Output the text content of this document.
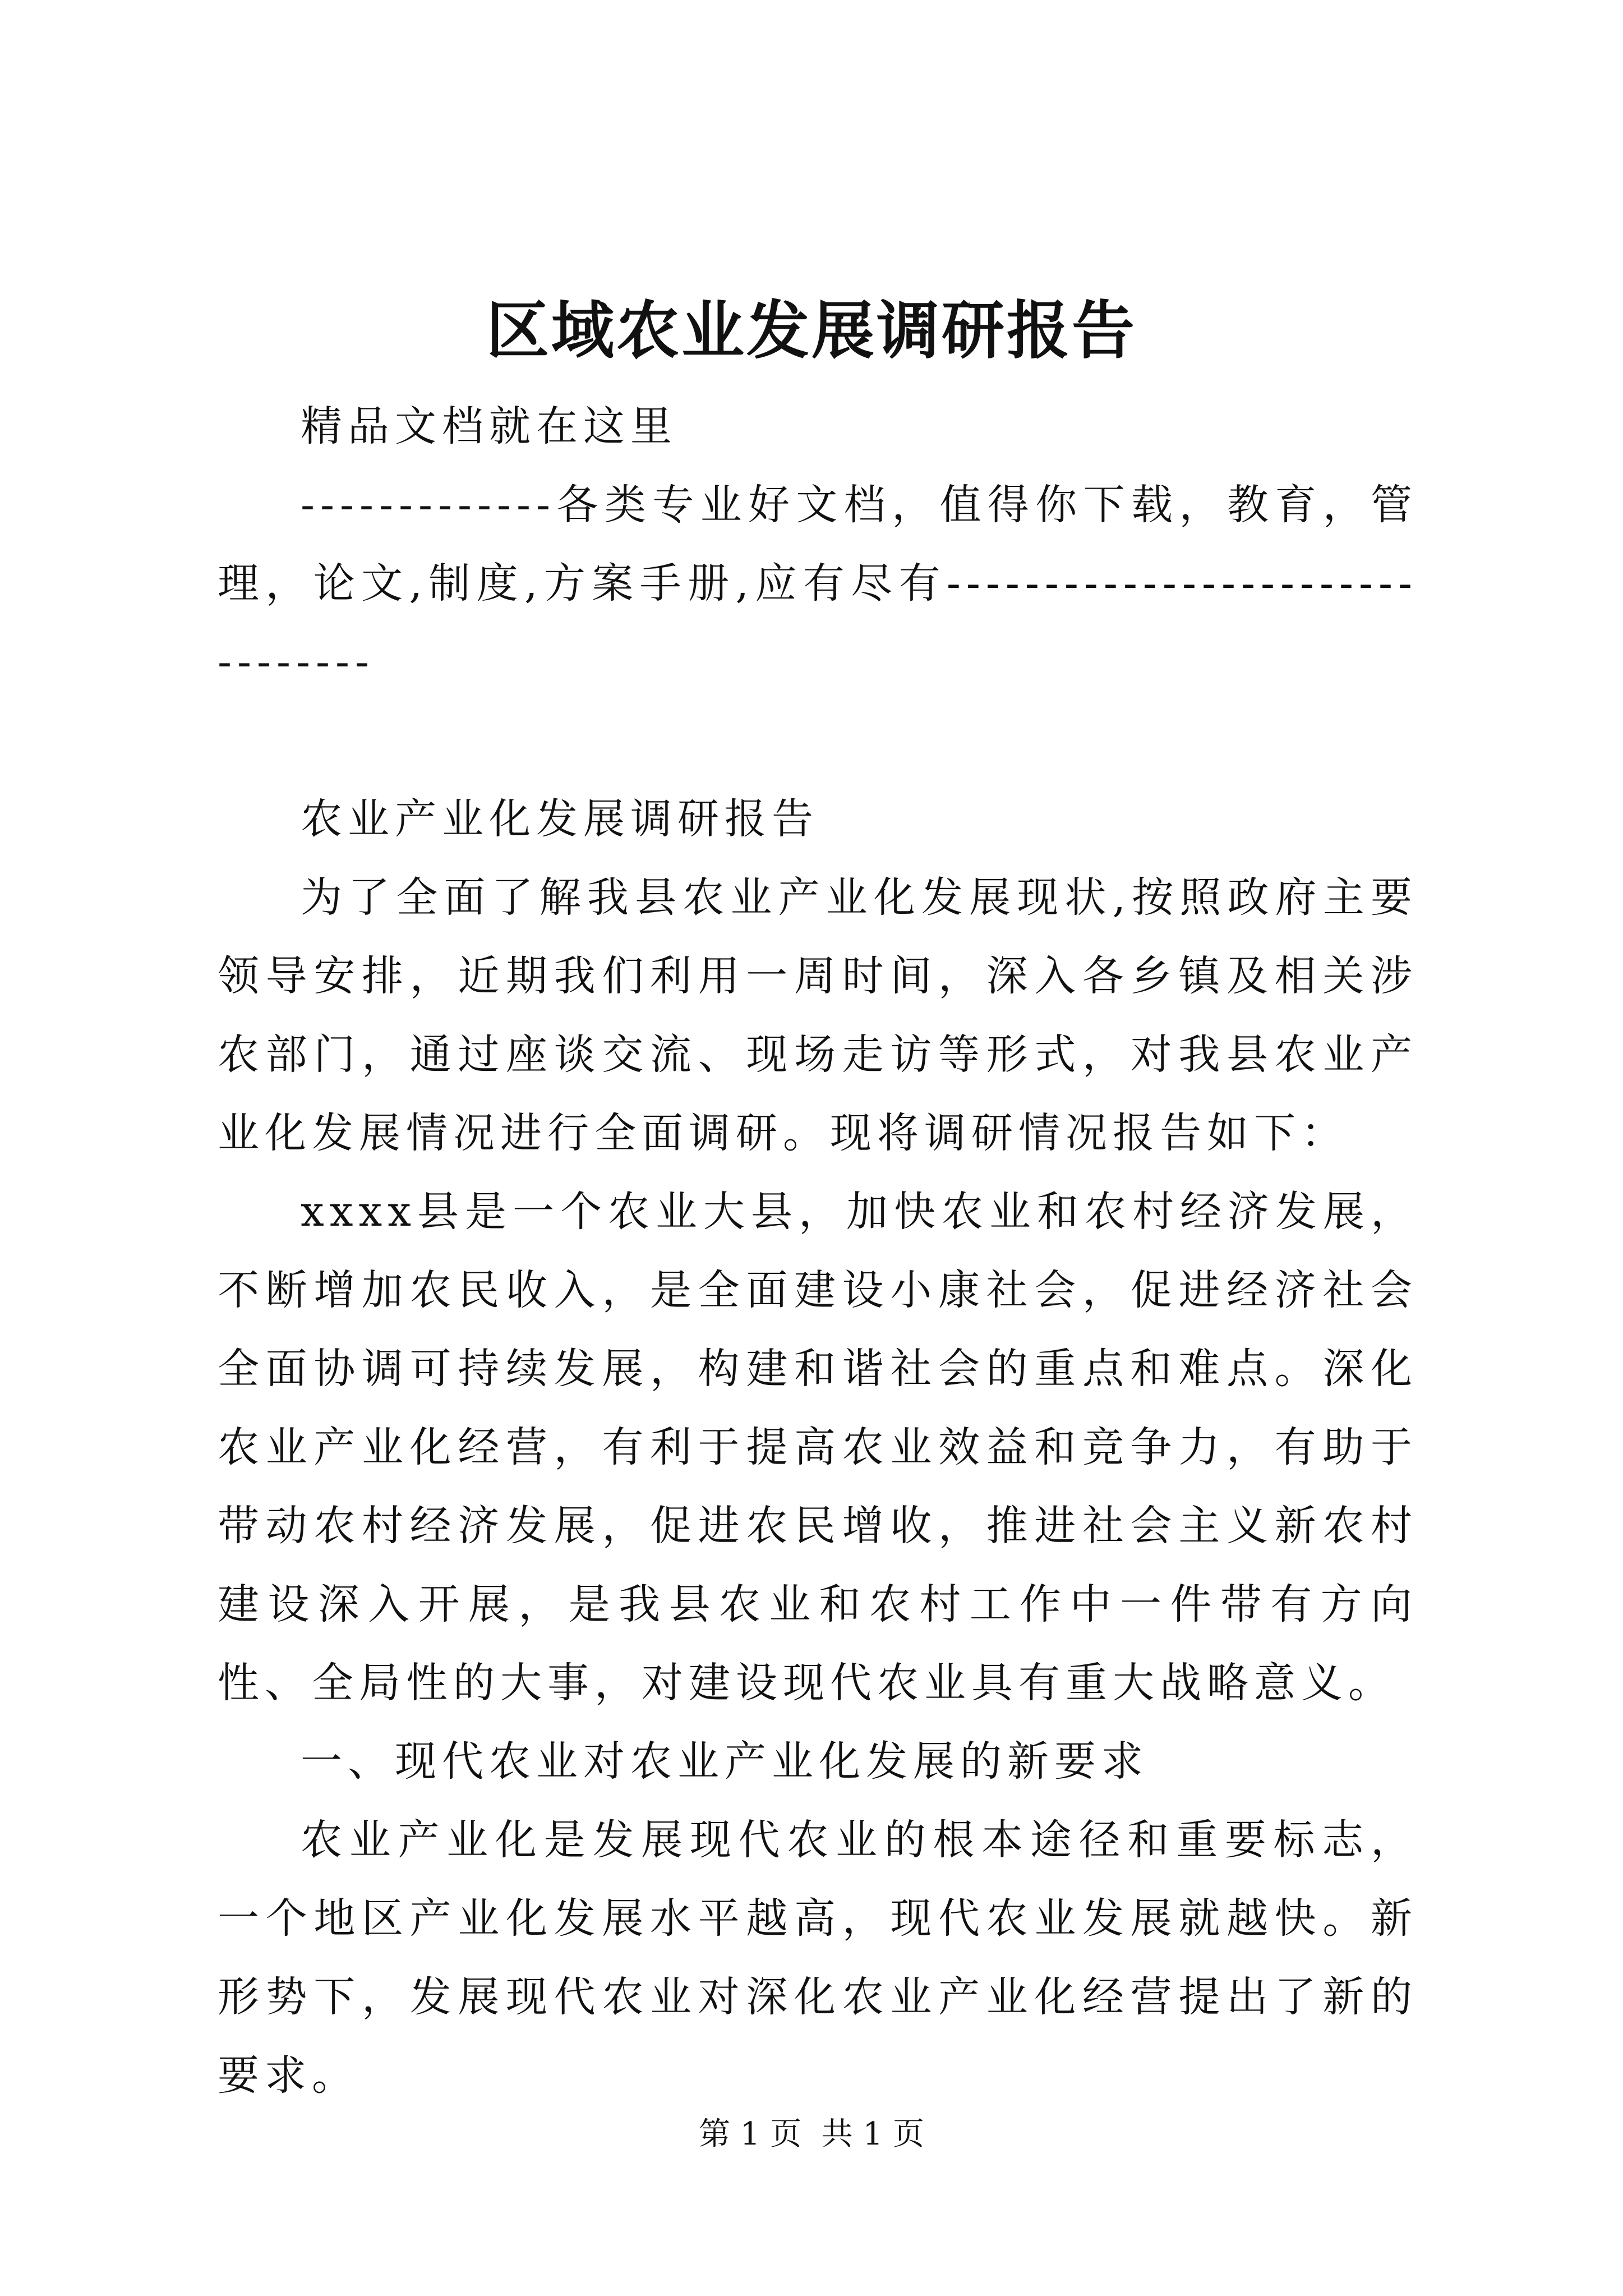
区域农业发展调研报告

精品文档就在这里

-------------各类专业好文档，值得你下载，教育，管理，论文,制度,方案手册,应有尽有--------------------------------

农业产业化发展调研报告

为了全面了解我县农业产业化发展现状,按照政府主要领导安排，近期我们利用一周时间，深入各乡镇及相关涉农部门，通过座谈交流、现场走访等形式，对我县农业产业化发展情况进行全面调研。现将调研情况报告如下：

xxxx县是一个农业大县，加快农业和农村经济发展，不断增加农民收入，是全面建设小康社会，促进经济社会全面协调可持续发展，构建和谐社会的重点和难点。深化农业产业化经营，有利于提高农业效益和竞争力，有助于带动农村经济发展，促进农民增收，推进社会主义新农村建设深入开展，是我县农业和农村工作中一件带有方向性、全局性的大事，对建设现代农业具有重大战略意义。

一、现代农业对农业产业化发展的新要求

农业产业化是发展现代农业的根本途径和重要标志，一个地区产业化发展水平越高，现代农业发展就越快。新形势下，发展现代农业对深化农业产业化经营提出了新的要求。

第 1 页  共 1 页
